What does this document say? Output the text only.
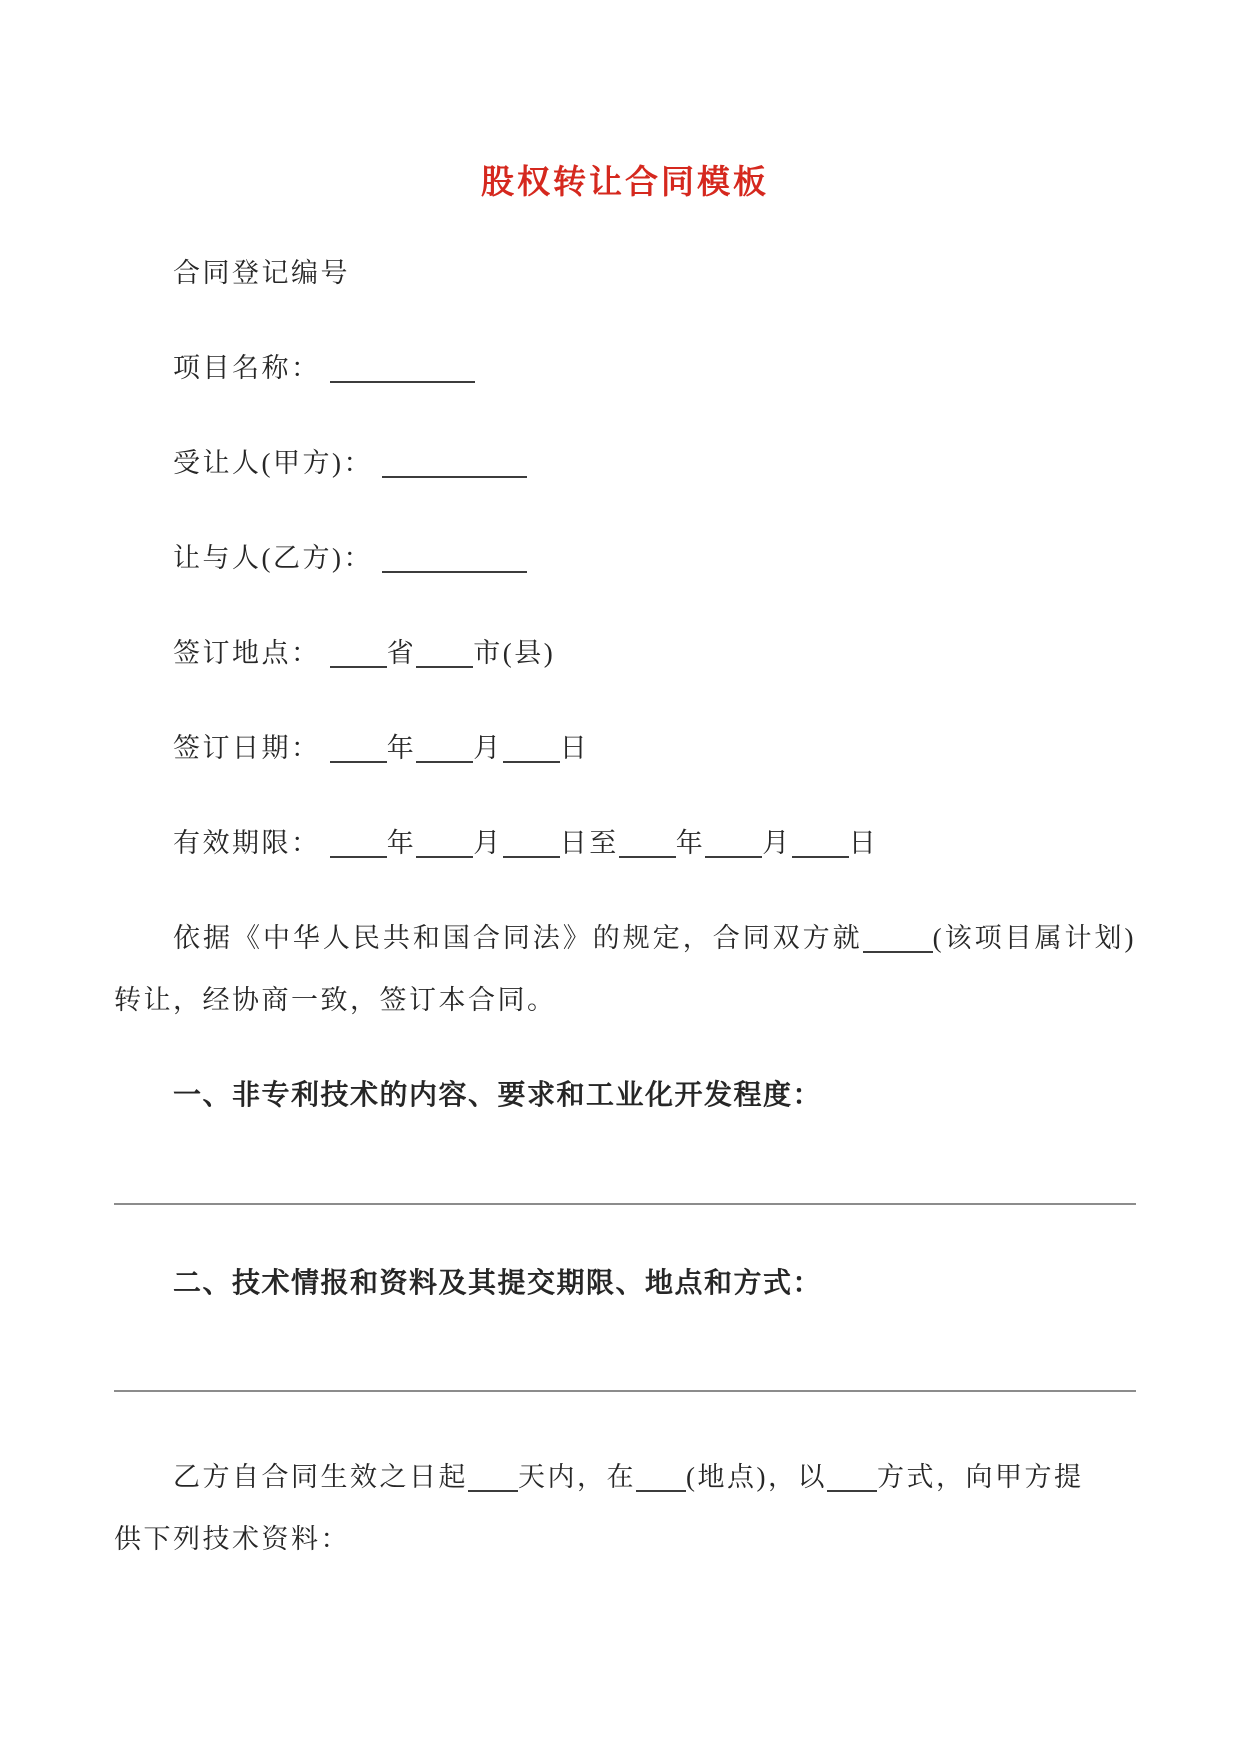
股权转让合同模板
合同登记编号
项目名称：
受让人(甲方)：
让与人(乙方)：
签订地点： 省 市(县)
签订日期： 年 月 日
有效期限： 年 月 日至 年 月 日
依据《中华人民共和国合同法》的规定，合同双方就	(该项目属计划)
转让，经协商一致，签订本合同。
一、非专利技术的内容、要求和工业化开发程度：
二、技术情报和资料及其提交期限、地点和方式：
乙方自合同生效之日起 天内，在 (地点)，以 方式，向甲方提
供下列技术资料：
